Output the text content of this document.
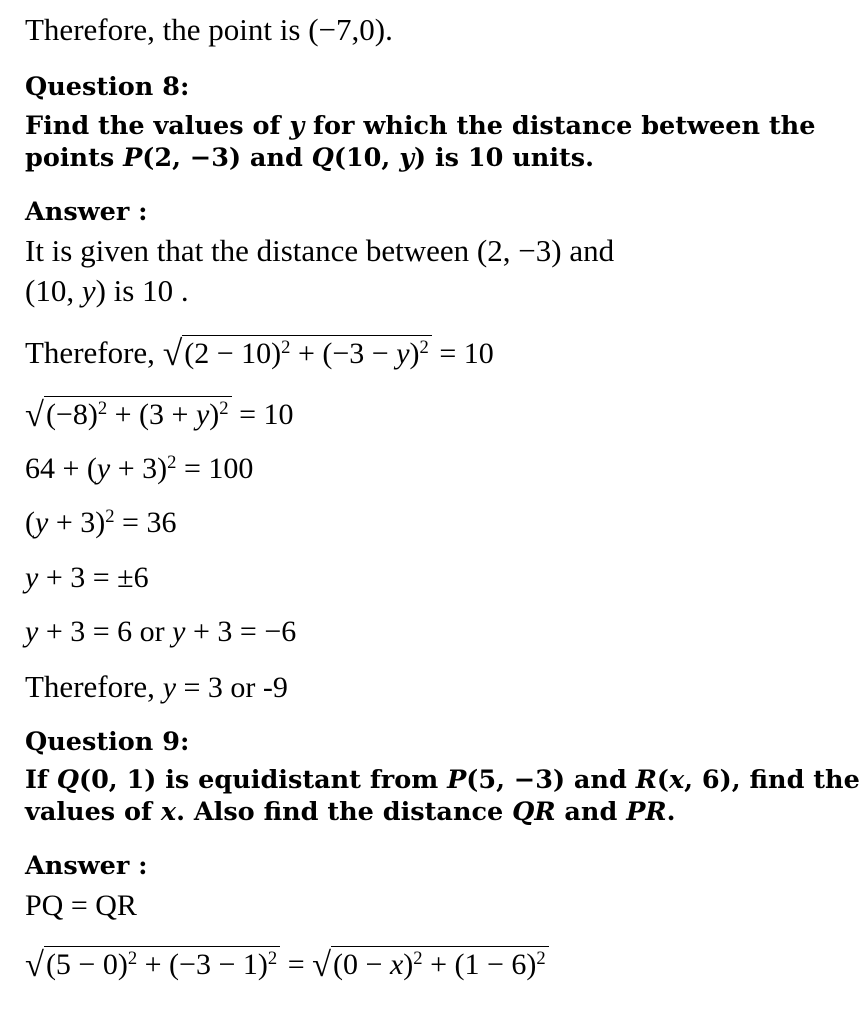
Therefore, the point is (−7,0).
Question 8:
Find the values of y for which the distance between the
points P(2, −3) and Q(10, y) is 10 units.
Answer :
It is given that the distance between (2, −3) and
(10, y) is 10 .
Therefore, $√(2 - 10)^2 + (-3 - y)^2 = 10$
$√(-8)^2 + (3 + y)^2 = 10$
$64 + (y + 3)^2 = 100$
$(y + 3)^2 = 36$
y + 3 = ±6
y + 3 = 6 or y + 3 = −6
Therefore, y = 3 or -9
Question 9:
If Q(0, 1) is equidistant from P(5, −3) and R(x, 6), find the
values of x. Also find the distance QR and PR.
Answer :
PQ = QR
$√(5 - 0)^2 + (-3 - 1)^2 = √(0 - x)^2 + (1 - 6)^2$
